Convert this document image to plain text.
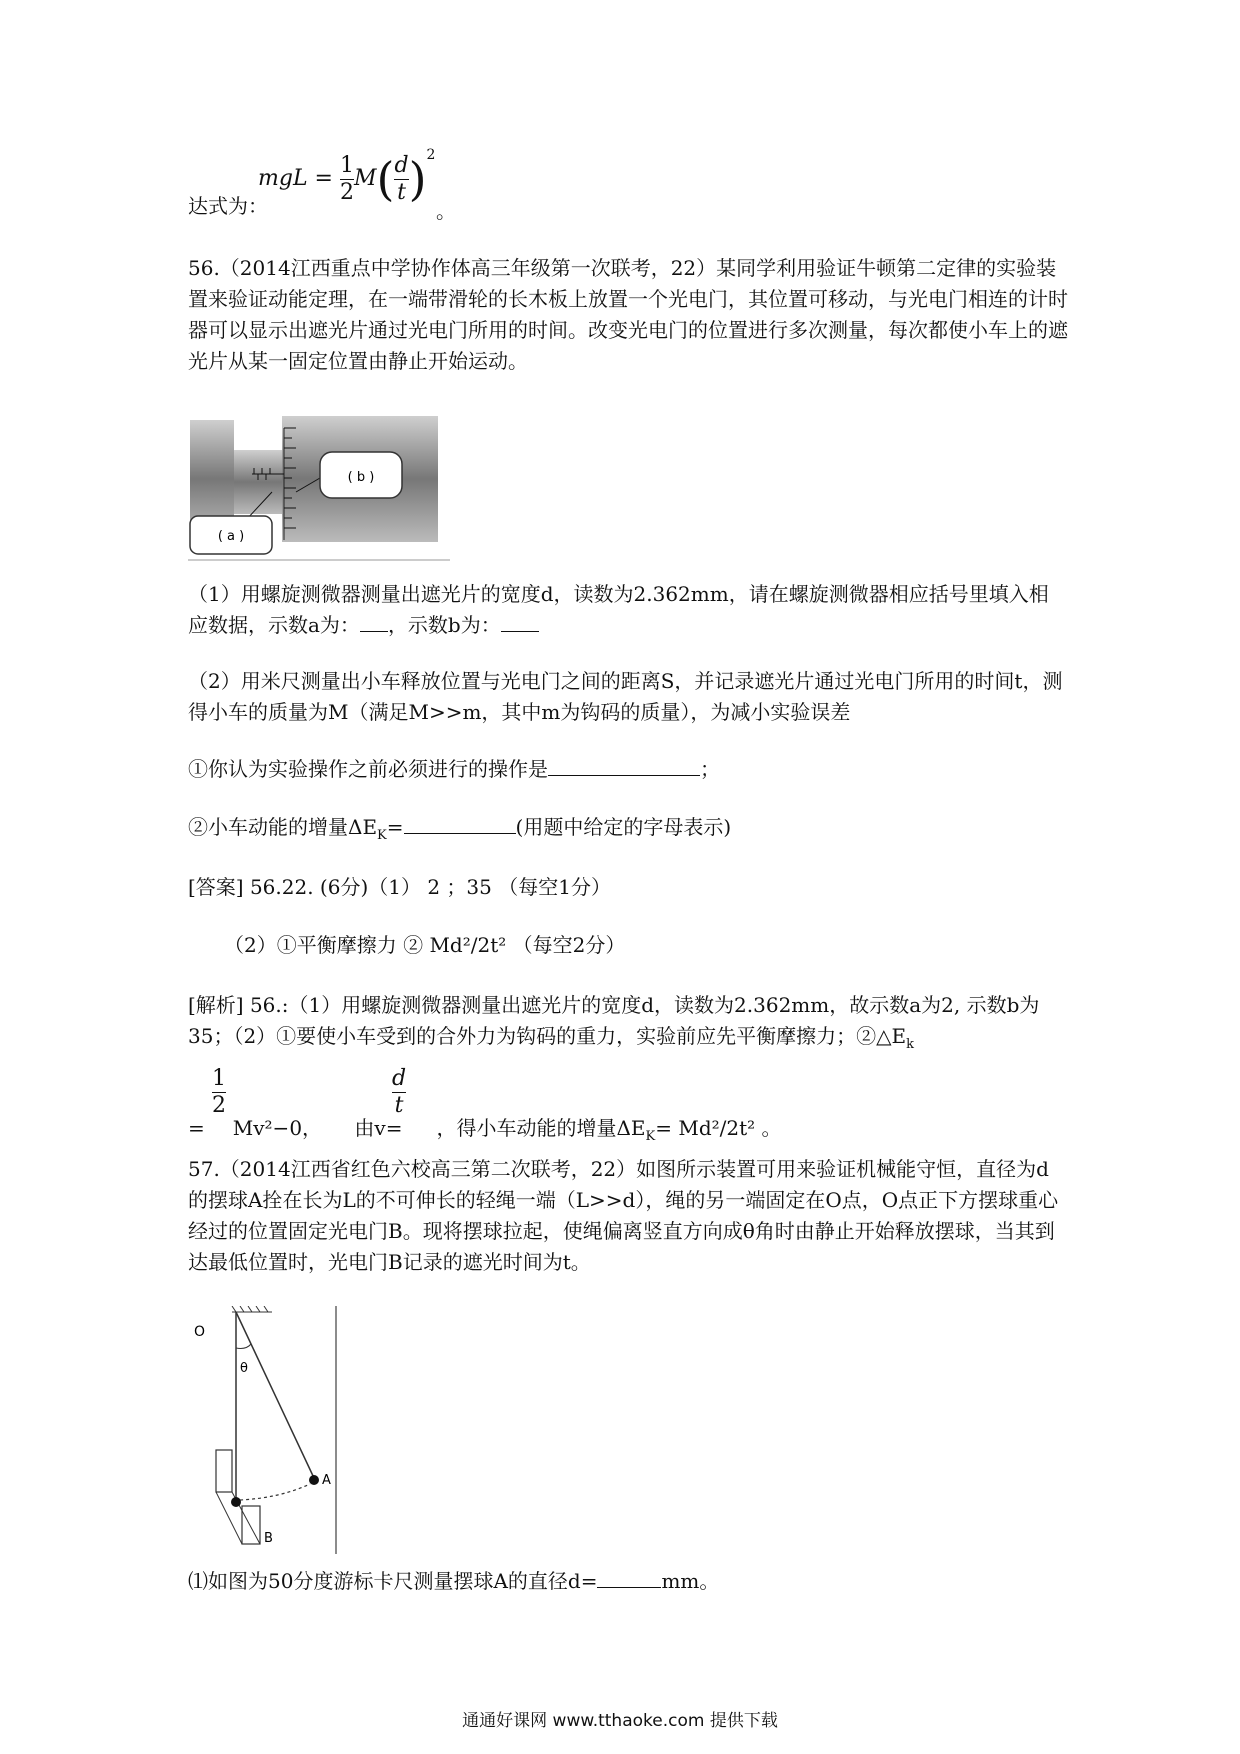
达式为：
mgL = $\frac{1}{2} M( \frac{d}{t} )^2$
。
56.（2014江西重点中学协作体高三年级第一次联考，22）某同学利用验证牛顿第二定律的实验装置来验证动能定理，在一端带滑轮的长木板上放置一个光电门，其位置可移动，与光电门相连的计时器可以显示出遮光片通过光电门所用的时间。改变光电门的位置进行多次测量，每次都使小车上的遮光片从某一固定位置由静止开始运动。
( b )
( a )
（1）用螺旋测微器测量出遮光片的宽度d，读数为2.362mm，请在螺旋测微器相应括号里填入相应数据，示数a为： ，示数b为：
（2）用米尺测量出小车释放位置与光电门之间的距离S，并记录遮光片通过光电门所用的时间t，测得小车的质量为M（满足M>>m，其中m为钩码的质量），为减小实验误差
①你认为实验操作之前必须进行的操作是	；
②小车动能的增量$\Delta E_K=$	(用题中给定的字母表示)
[答案] 56.22. (6分)（1） 2 ；35 （每空1分）
（2）①平衡摩擦力 ② Md²/2t² （每空2分）
[解析] 56.:（1）用螺旋测微器测量出遮光片的宽度d，读数为2.362mm，故示数a为2, 示数b为35；（2）①要使小车受到的合外力为钩码的重力，实验前应先平衡摩擦力；$②\triangle E_k$
$\frac{1}{2}$	$\frac{d}{t}$
= Mv²−0， 由v= ，得小车动能的增量$\Delta E_K= Md^2/2t^2$ 。
57.（2014江西省红色六校高三第二次联考，22）如图所示装置可用来验证机械能守恒，直径为d的摆球A拴在长为L的不可伸长的轻绳一端（L>>d），绳的另一端固定在O点，O点正下方摆球重心经过的位置固定光电门B。现将摆球拉起，使绳偏离竖直方向成θ角时由静止开始释放摆球，当其到达最低位置时，光电门B记录的遮光时间为t。
O
θ
A
B
⑴如图为50分度游标卡尺测量摆球A的直径d=	mm。
通通好课网 www.tthaoke.com 提供下载
